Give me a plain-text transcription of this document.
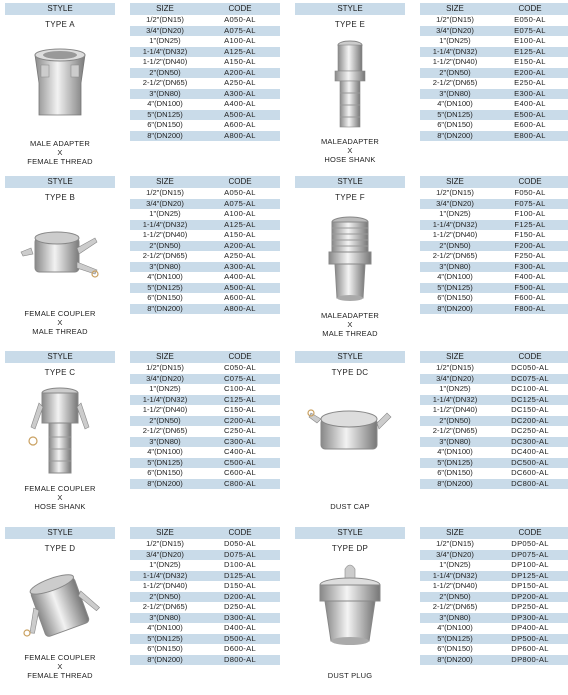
STYLE
TYPE A
MALE ADAPTER
X
FEMALE THREAD
SIZE	CODE
1/2"(DN15)	A050-AL
3/4"(DN20)	A075-AL
1"(DN25)	A100-AL
1-1/4"(DN32)	A125-AL
1-1/2"(DN40)	A150-AL
2"(DN50)	A200-AL
2-1/2"(DN65)	A250-AL
3"(DN80)	A300-AL
4"(DN100)	A400-AL
5"(DN125)	A500-AL
6"(DN150)	A600-AL
8"(DN200)	A800-AL
STYLE
TYPE E
MALEADAPTER
X
HOSE SHANK
SIZE	CODE
1/2"(DN15)	E050-AL
3/4"(DN20)	E075-AL
1"(DN25)	E100-AL
1-1/4"(DN32)	E125-AL
1-1/2"(DN40)	E150-AL
2"(DN50)	E200-AL
2-1/2"(DN65)	E250-AL
3"(DN80)	E300-AL
4"(DN100)	E400-AL
5"(DN125)	E500-AL
6"(DN150)	E600-AL
8"(DN200)	E800-AL
STYLE
TYPE B
FEMALE COUPLER
X
MALE THREAD
SIZE	CODE
1/2"(DN15)	A050-AL
3/4"(DN20)	A075-AL
1"(DN25)	A100-AL
1-1/4"(DN32)	A125-AL
1-1/2"(DN40)	A150-AL
2"(DN50)	A200-AL
2-1/2"(DN65)	A250-AL
3"(DN80)	A300-AL
4"(DN100)	A400-AL
5"(DN125)	A500-AL
6"(DN150)	A600-AL
8"(DN200)	A800-AL
STYLE
TYPE F
MALEADAPTER
X
MALE THREAD
SIZE	CODE
1/2"(DN15)	F050-AL
3/4"(DN20)	F075-AL
1"(DN25)	F100-AL
1-1/4"(DN32)	F125-AL
1-1/2"(DN40)	F150-AL
2"(DN50)	F200-AL
2-1/2"(DN65)	F250-AL
3"(DN80)	F300-AL
4"(DN100)	F400-AL
5"(DN125)	F500-AL
6"(DN150)	F600-AL
8"(DN200)	F800-AL
STYLE
TYPE C
FEMALE COUPLER
X
HOSE SHANK
SIZE	CODE
1/2"(DN15)	C050-AL
3/4"(DN20)	C075-AL
1"(DN25)	C100-AL
1-1/4"(DN32)	C125-AL
1-1/2"(DN40)	C150-AL
2"(DN50)	C200-AL
2-1/2"(DN65)	C250-AL
3"(DN80)	C300-AL
4"(DN100)	C400-AL
5"(DN125)	C500-AL
6"(DN150)	C600-AL
8"(DN200)	C800-AL
STYLE
TYPE DC
DUST CAP
SIZE	CODE
1/2"(DN15)	DC050-AL
3/4"(DN20)	DC075-AL
1"(DN25)	DC100-AL
1-1/4"(DN32)	DC125-AL
1-1/2"(DN40)	DC150-AL
2"(DN50)	DC200-AL
2-1/2"(DN65)	DC250-AL
3"(DN80)	DC300-AL
4"(DN100)	DC400-AL
5"(DN125)	DC500-AL
6"(DN150)	DC600-AL
8"(DN200)	DC800-AL
STYLE
TYPE D
FEMALE COUPLER
X
FEMALE THREAD
SIZE	CODE
1/2"(DN15)	D050-AL
3/4"(DN20)	D075-AL
1"(DN25)	D100-AL
1-1/4"(DN32)	D125-AL
1-1/2"(DN40)	D150-AL
2"(DN50)	D200-AL
2-1/2"(DN65)	D250-AL
3"(DN80)	D300-AL
4"(DN100)	D400-AL
5"(DN125)	D500-AL
6"(DN150)	D600-AL
8"(DN200)	D800-AL
STYLE
TYPE DP
DUST PLUG
SIZE	CODE
1/2"(DN15)	DP050-AL
3/4"(DN20)	DP075-AL
1"(DN25)	DP100-AL
1-1/4"(DN32)	DP125-AL
1-1/2"(DN40)	DP150-AL
2"(DN50)	DP200-AL
2-1/2"(DN65)	DP250-AL
3"(DN80)	DP300-AL
4"(DN100)	DP400-AL
5"(DN125)	DP500-AL
6"(DN150)	DP600-AL
8"(DN200)	DP800-AL
